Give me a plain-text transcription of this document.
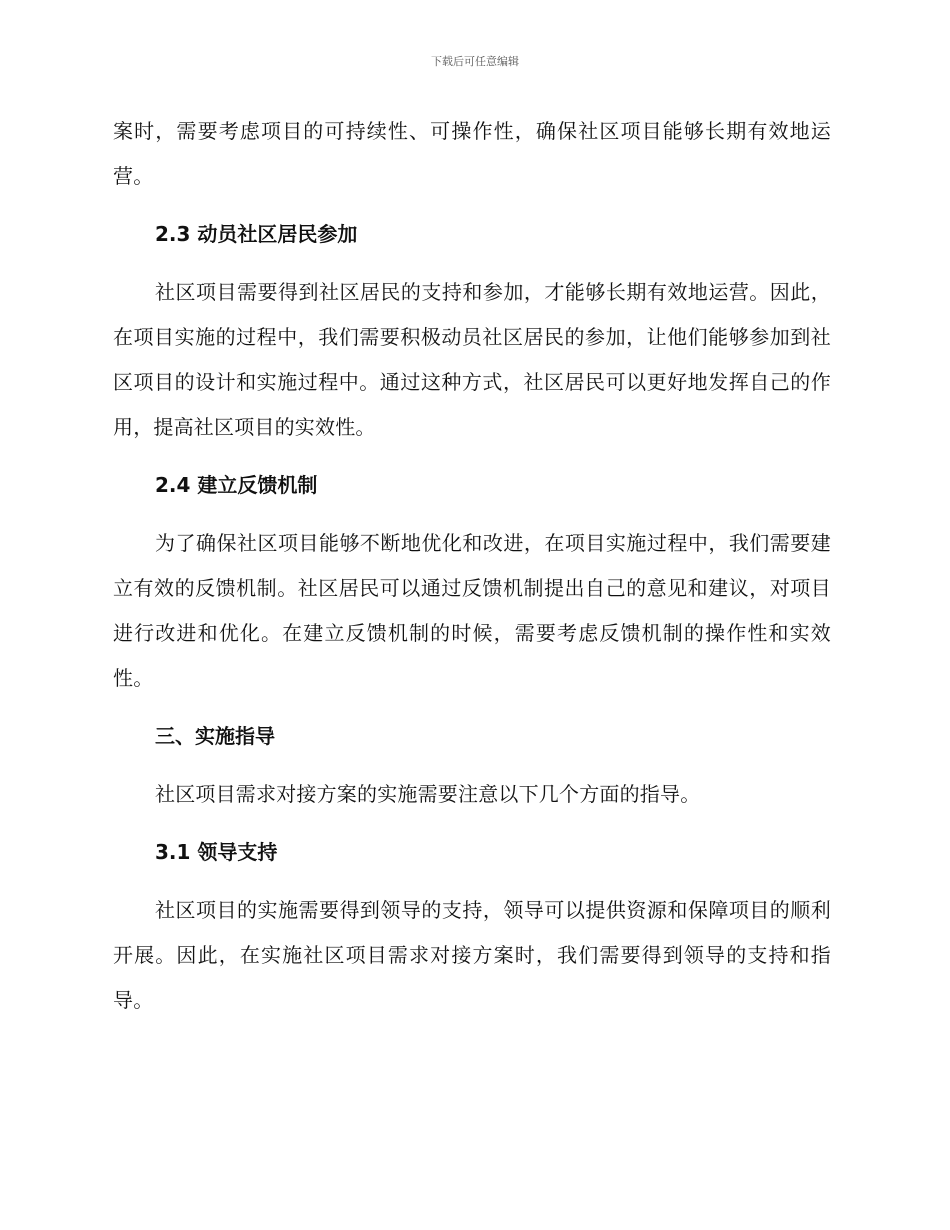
下载后可任意编辑

案时，需要考虑项目的可持续性、可操作性，确保社区项目能够长期有效地运营。

2.3 动员社区居民参加

社区项目需要得到社区居民的支持和参加，才能够长期有效地运营。因此，在项目实施的过程中，我们需要积极动员社区居民的参加，让他们能够参加到社区项目的设计和实施过程中。通过这种方式，社区居民可以更好地发挥自己的作用，提高社区项目的实效性。

2.4 建立反馈机制

为了确保社区项目能够不断地优化和改进，在项目实施过程中，我们需要建立有效的反馈机制。社区居民可以通过反馈机制提出自己的意见和建议，对项目进行改进和优化。在建立反馈机制的时候，需要考虑反馈机制的操作性和实效性。

三、实施指导

社区项目需求对接方案的实施需要注意以下几个方面的指导。

3.1 领导支持

社区项目的实施需要得到领导的支持，领导可以提供资源和保障项目的顺利开展。因此，在实施社区项目需求对接方案时，我们需要得到领导的支持和指导。
